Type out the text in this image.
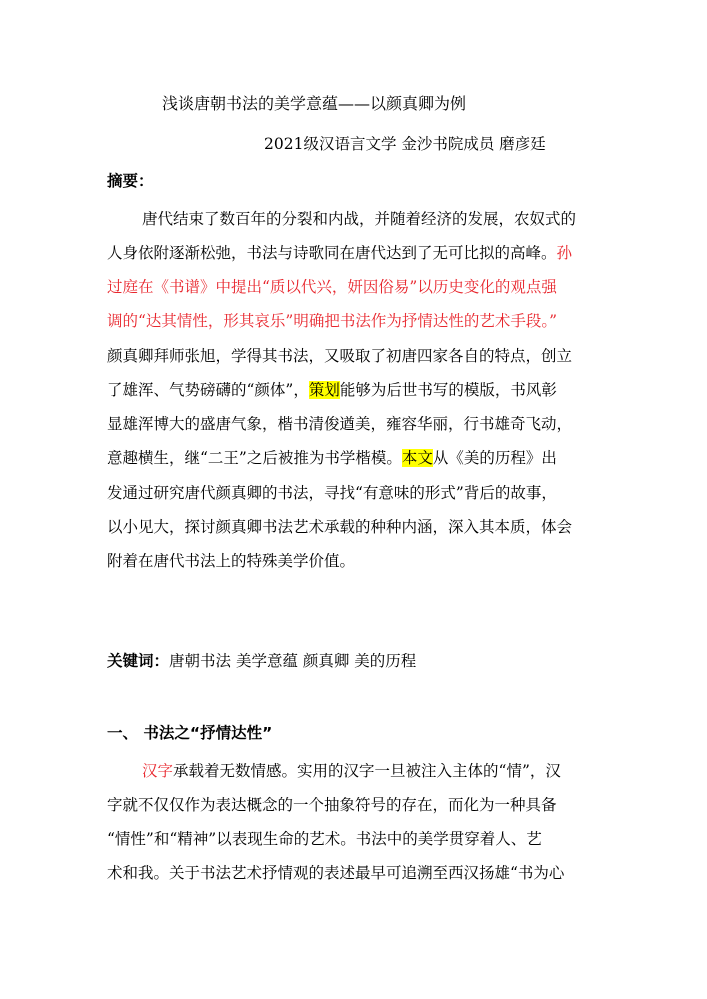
浅谈唐朝书法的美学意蕴——以颜真卿为例
2021级汉语言文学 金沙书院成员 磨彦廷
摘要：
唐代结束了数百年的分裂和内战，并随着经济的发展，农奴式的
人身依附逐渐松弛，书法与诗歌同在唐代达到了无可比拟的高峰。孙
过庭在《书谱》中提出“质以代兴，妍因俗易”以历史变化的观点强
调的“达其情性，形其哀乐”明确把书法作为抒情达性的艺术手段。”
颜真卿拜师张旭，学得其书法，又吸取了初唐四家各自的特点，创立
了雄浑、气势磅礴的“颜体”，策划能够为后世书写的模版，书风彰
显雄浑博大的盛唐气象，楷书清俊遒美，雍容华丽，行书雄奇飞动，
意趣横生，继“二王”之后被推为书学楷模。本文从《美的历程》出
发通过研究唐代颜真卿的书法，寻找“有意味的形式”背后的故事，
以小见大，探讨颜真卿书法艺术承载的种种内涵，深入其本质，体会
附着在唐代书法上的特殊美学价值。
关键词：唐朝书法 美学意蕴 颜真卿 美的历程
一、 书法之“抒情达性”
汉字承载着无数情感。实用的汉字一旦被注入主体的“情”，汉
字就不仅仅作为表达概念的一个抽象符号的存在，而化为一种具备
“情性”和“精神”以表现生命的艺术。书法中的美学贯穿着人、艺
术和我。关于书法艺术抒情观的表述最早可追溯至西汉扬雄“书为心
